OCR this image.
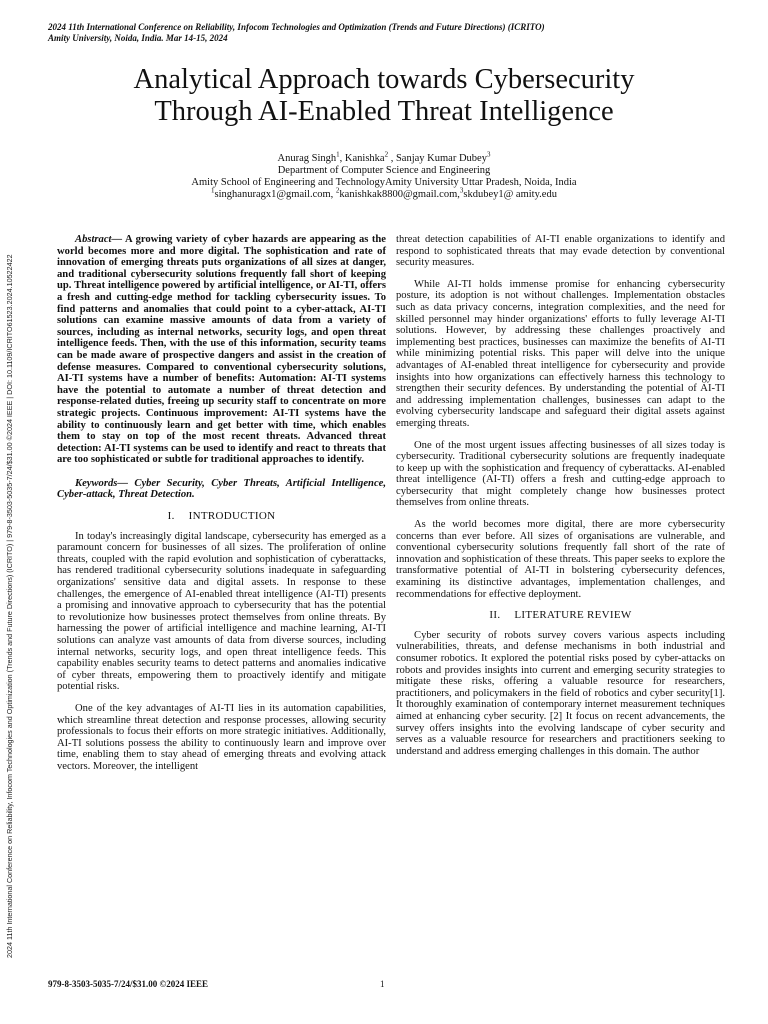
2024 11th International Conference on Reliability, Infocom Technologies and Optimization (Trends and Future Directions) (ICRITO)
Amity University, Noida, India. Mar 14-15, 2024
2024 11th International Conference on Reliability, Infocom Technologies and Optimization (Trends and Future Directions) (ICRITO) | 979-8-3503-5035-7/24/$31.00 ©2024 IEEE | DOI: 10.1109/ICRITO61523.2024.10522422
Analytical Approach towards Cybersecurity
Through AI-Enabled Threat Intelligence
Anurag Singh$^1$, Kanishka$^2$ , Sanjay Kumar Dubey$^3$
Department of Computer Science and Engineering
Amity School of Engineering and TechnologyAmity University Uttar Pradesh, Noida, India
$^1$singhanuragx1@gmail.com, $^2$kanishkak8800@gmail.com,$^3$skdubey1@ amity.edu

Abstract— A growing variety of cyber hazards are appearing as the world becomes more and more digital. The sophistication and rate of innovation of emerging threats puts organizations of all sizes at danger, and traditional cybersecurity solutions frequently fall short of keeping up. Threat intelligence powered by artificial intelligence, or AI-TI, offers a fresh and cutting-edge method for tackling cybersecurity issues. To find patterns and anomalies that could point to a cyber-attack, AI-TI solutions can examine massive amounts of data from a variety of sources, including as internal networks, security logs, and open threat intelligence feeds. Then, with the use of this information, security teams can be made aware of prospective dangers and assist in the creation of defense measures. Compared to conventional cybersecurity solutions, AI-TI systems have a number of benefits: Automation: AI-TI systems have the potential to automate a number of threat detection and response-related duties, freeing up security staff to concentrate on more strategic projects. Continuous improvement: AI-TI systems have the ability to continuously learn and get better with time, which enables them to stay on top of the most recent threats. Advanced threat detection: AI-TI systems can be used to identify and react to threats that are too sophisticated or subtle for traditional approaches to identify.

Keywords— Cyber Security, Cyber Threats, Artificial Intelligence, Cyber-attack, Threat Detection.

I. INTRODUCTION

In today's increasingly digital landscape, cybersecurity has emerged as a paramount concern for businesses of all sizes. The proliferation of online threats, coupled with the rapid evolution and sophistication of cyberattacks, has rendered traditional cybersecurity solutions inadequate in safeguarding organizations' sensitive data and digital assets. In response to these challenges, the emergence of AI-enabled threat intelligence (AI-TI) presents a promising and innovative approach to cybersecurity that has the potential to revolutionize how businesses protect themselves from online threats. By harnessing the power of artificial intelligence and machine learning, AI-TI solutions can analyze vast amounts of data from diverse sources, including internal networks, security logs, and open threat intelligence feeds. This capability enables security teams to detect patterns and anomalies indicative of cyber threats, empowering them to proactively identify and mitigate potential risks.

One of the key advantages of AI-TI lies in its automation capabilities, which streamline threat detection and response processes, allowing security professionals to focus their efforts on more strategic initiatives. Additionally, AI-TI solutions possess the ability to continuously learn and improve over time, enabling them to stay ahead of emerging threats and evolving attack vectors. Moreover, the intelligent

threat detection capabilities of AI-TI enable organizations to identify and respond to sophisticated threats that may evade detection by conventional security measures.

While AI-TI holds immense promise for enhancing cybersecurity posture, its adoption is not without challenges. Implementation obstacles such as data privacy concerns, integration complexities, and the need for skilled personnel may hinder organizations' efforts to fully leverage AI-TI solutions. However, by addressing these challenges proactively and implementing best practices, businesses can maximize the benefits of AI-TI while minimizing potential risks. This paper will delve into the unique advantages of AI-enabled threat intelligence for cybersecurity and provide insights into how organizations can effectively harness this technology to strengthen their security defences. By understanding the potential of AI-TI and addressing implementation challenges, businesses can adapt to the evolving cybersecurity landscape and safeguard their digital assets against emerging threats.

One of the most urgent issues affecting businesses of all sizes today is cybersecurity. Traditional cybersecurity solutions are frequently inadequate to keep up with the sophistication and frequency of cyberattacks. AI-enabled threat intelligence (AI-TI) offers a fresh and cutting-edge approach to cybersecurity that might completely change how businesses protect themselves from online threats.

As the world becomes more digital, there are more cybersecurity concerns than ever before. All sizes of organisations are vulnerable, and conventional cybersecurity solutions frequently fall short of the rate of innovation and sophistication of these threats. This paper seeks to explore the transformative potential of AI-TI in bolstering cybersecurity defences, examining its distinctive advantages, implementation challenges, and recommendations for effective deployment.

II. LITERATURE REVIEW

Cyber security of robots survey covers various aspects including vulnerabilities, threats, and defense mechanisms in both industrial and consumer robotics. It explored the potential risks posed by cyber-attacks on robots and provides insights into current and emerging security strategies to mitigate these risks, offering a valuable resource for researchers, practitioners, and policymakers in the field of robotics and cyber security[1]. It thoroughly examination of contemporary internet measurement techniques aimed at enhancing cyber security. [2] It focus on recent advancements, the survey offers insights into the evolving landscape of cyber security and serves as a valuable resource for researchers and practitioners seeking to understand and address emerging challenges in this domain. The author

979-8-3503-5035-7/24/$31.00 ©2024 IEEE	1
